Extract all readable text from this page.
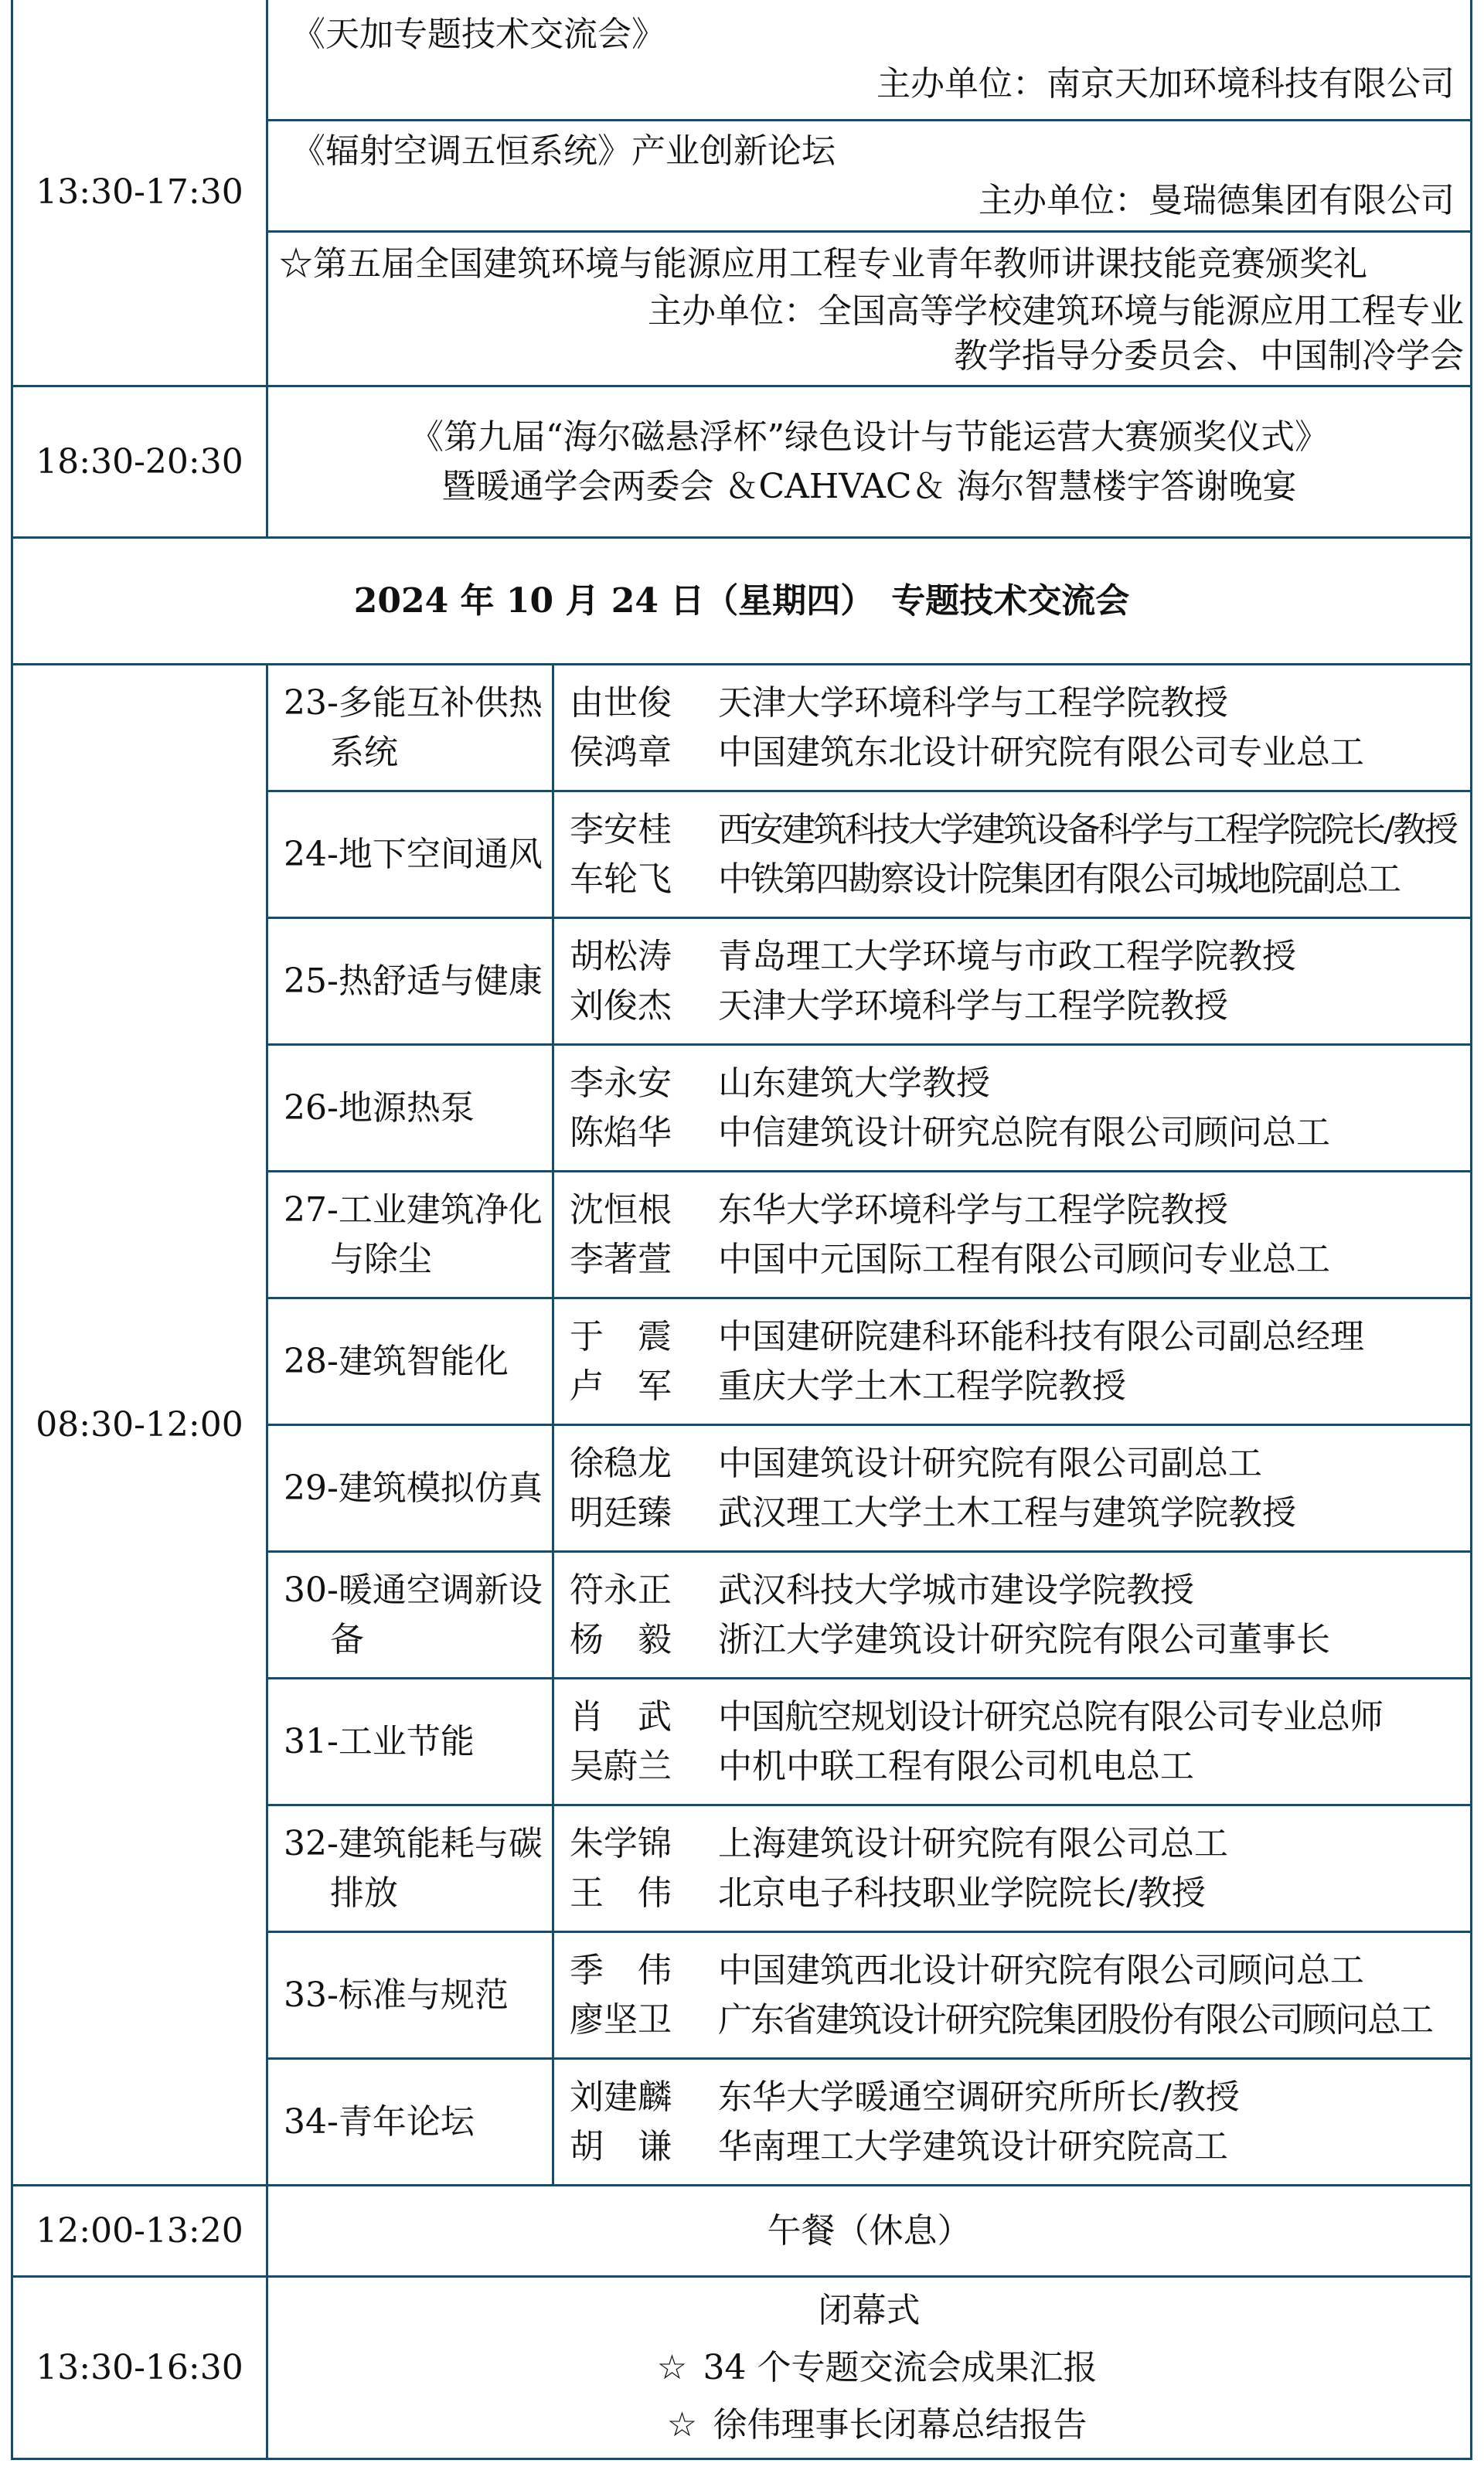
13:30-17:30	《天加专题技术交流会》
主办单位：南京天加环境科技有限公司	

	《辐射空调五恒系统》产业创新论坛
主办单位：曼瑞德集团有限公司	

	☆第五届全国建筑环境与能源应用工程专业青年教师讲课技能竞赛颁奖礼
主办单位：全国高等学校建筑环境与能源应用工程专业
教学指导分委员会、中国制冷学会	

18:30-20:30	《第九届“海尔磁悬浮杯”绿色设计与节能运营大赛颁奖仪式》
暨暖通学会两委会 ＆CAHVAC＆ 海尔智慧楼宇答谢晚宴	

2024 年 10 月 24 日（星期四）　专题技术交流会		
08:30-12:00	23-多能互补供热系统	由世俊 天津大学环境科学与工程学院教授
侯鸿章 中国建筑东北设计研究院有限公司专业总工

	24-地下空间通风	李安桂 西安建筑科技大学建筑设备科学与工程学院院长/教授
车轮飞 中铁第四勘察设计院集团有限公司城地院副总工

	25-热舒适与健康	胡松涛 青岛理工大学环境与市政工程学院教授
刘俊杰 天津大学环境科学与工程学院教授

	26-地源热泵	李永安 山东建筑大学教授
陈焰华 中信建筑设计研究总院有限公司顾问总工

	27-工业建筑净化与除尘	沈恒根 东华大学环境科学与工程学院教授
李著萱 中国中元国际工程有限公司顾问专业总工

	28-建筑智能化	于　震 中国建研院建科环能科技有限公司副总经理
卢　军 重庆大学土木工程学院教授

	29-建筑模拟仿真	徐稳龙 中国建筑设计研究院有限公司副总工
明廷臻 武汉理工大学土木工程与建筑学院教授

	30-暖通空调新设备	符永正 武汉科技大学城市建设学院教授
杨　毅 浙江大学建筑设计研究院有限公司董事长

	31-工业节能	肖　武 中国航空规划设计研究总院有限公司专业总师
吴蔚兰 中机中联工程有限公司机电总工

	32-建筑能耗与碳排放	朱学锦 上海建筑设计研究院有限公司总工
王　伟 北京电子科技职业学院院长/教授

	33-标准与规范	季　伟 中国建筑西北设计研究院有限公司顾问总工
廖坚卫 广东省建筑设计研究院集团股份有限公司顾问总工

	34-青年论坛	刘建麟 东华大学暖通空调研究所所长/教授
胡　谦 华南理工大学建筑设计研究院高工

12:00-13:20	午餐（休息）	
13:30-16:30	闭幕式
☆ 34 个专题交流会成果汇报
☆ 徐伟理事长闭幕总结报告	
